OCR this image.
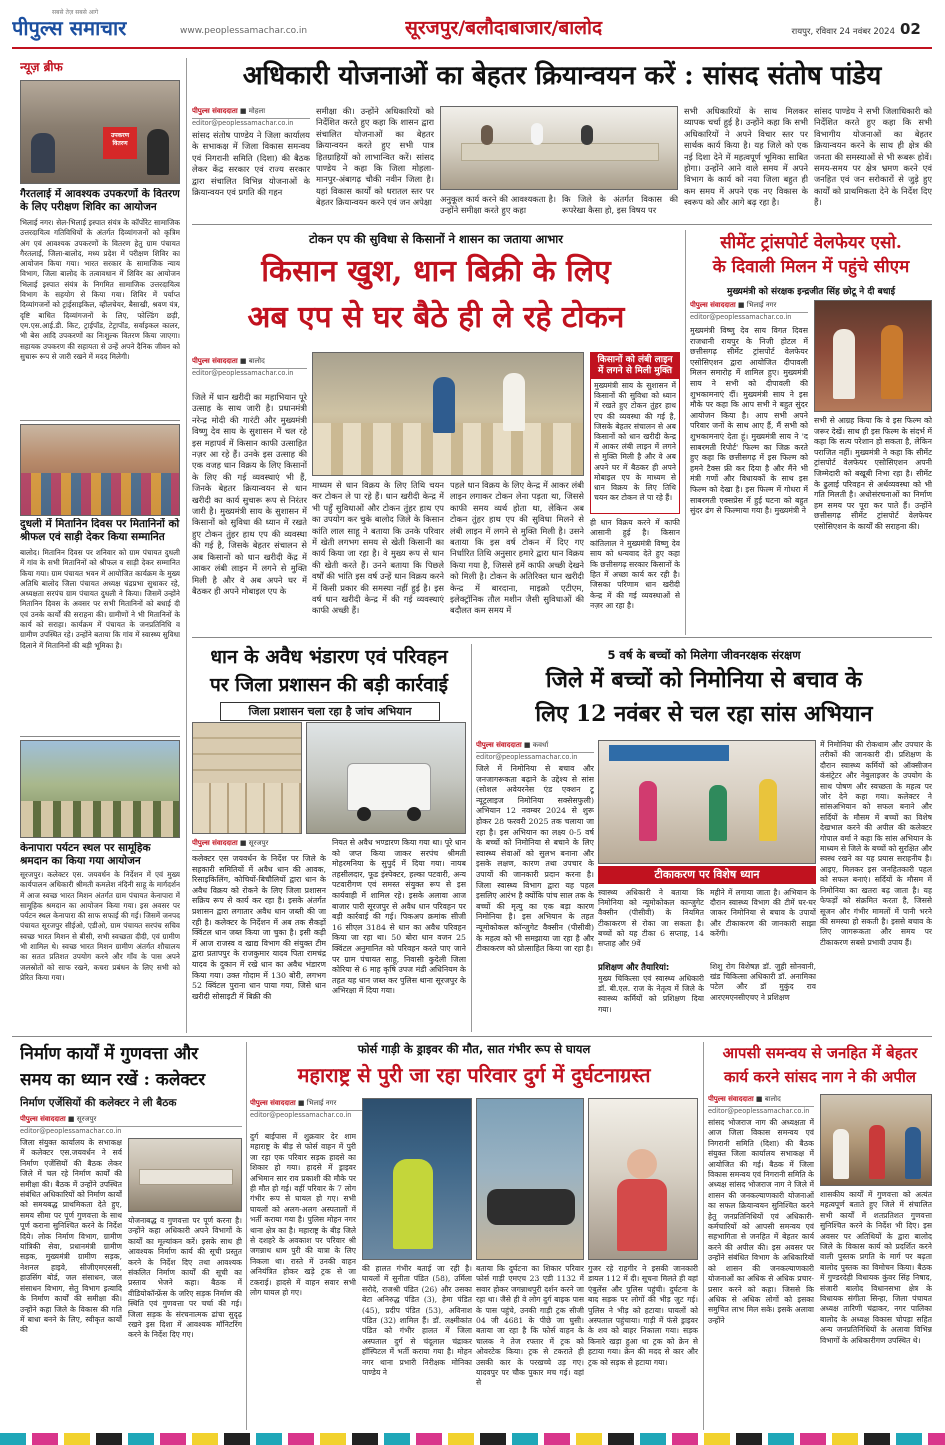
सबसे तेज़ सबसे आगे
पीपुल्स समाचार	www.peoplessamachar.co.in	सूरजपुर/बलौदाबाजार/बालोद	रायपुर, रविवार 24 नवंबर 2024 02
न्यूज़ ब्रीफ
उपकरण वितरण
गैरतलाई में आवश्यक उपकरणों के वितरण के लिए परीक्षण शिविर का आयोजन
भिलाई नगर। सेल-भिलाई इस्पात संयंत्र के कॉर्पोरेट सामाजिक उत्तरदायित्व गतिविधियों के अंतर्गत दिव्यांगजनों को कृत्रिम अंग एवं आवश्यक उपकरणों के वितरण हेतु ग्राम पंचायत गैरतलाई, जिला-बालोद, मध्य प्रदेश में परीक्षण शिविर का आयोजन किया गया। भारत सरकार के सामाजिक न्याय विभाग, जिला बालोद के तत्वावधान में शिविर का आयोजन भिलाई इस्पात संयंत्र के निगमित सामाजिक उत्तरदायित्व विभाग के सहयोग से किया गया। शिविर में पर्याप्त दिव्यांगजनों को ट्राईसाइकिल, व्हीलचेयर, बैसाखी, श्रवण यंत्र, दृष्टि बाधित दिव्यांगजनों के लिए, फोल्डिंग छड़ी, एम.एस.आई.डी. किट, ट्राईपॉड, टेट्रापॉड, सर्वाइकल कालर, भी बेस आदि उपकरणों का निःशुल्क वितरण किया जाएगा। सहायक उपकरण की सहायता से उन्हें अपने दैनिक जीवन को सुचारू रूप से जारी रखने में मदद मिलेगी।
दुधली में मितानिन दिवस पर मितानिनों को श्रीफल एवं साड़ी देकर किया सम्मानित
बालोद। मितानिन दिवस पर शनिवार को ग्राम पंचायत दुधली में गांव के सभी मितानिनों को श्रीफल व साड़ी देकर सम्मानित किया गया। ग्राम पंचायत भवन में आयोजित कार्यक्रम के मुख्य अतिथि बालोद जिला पंचायत अध्यक्ष चंद्रप्रभा सुधाकर रहे, अध्यक्षता सरपंच ग्राम पंचायत दुधली ने किया। जिसमें उन्होंने मितानिन दिवस के अवसर पर सभी मितानिनों को बधाई दी एवं उनके कार्यों की सराहना की। ग्रामीणों ने भी मितानिनों के कार्य को सराहा। कार्यक्रम में पंचायत के जनप्रतिनिधि व ग्रामीण उपस्थित रहे। उन्होंने बताया कि गांव में स्वास्थ्य सुविधा दिलाने में मितानिनों की बड़ी भूमिका है।
केनापारा पर्यटन स्थल पर सामूहिक श्रमदान का किया गया आयोजन
सूरजपुर। कलेक्टर एस. जयवर्धन के निर्देशन में एवं मुख्य कार्यपालन अधिकारी श्रीमती कमलेश नंदिनी साहू के मार्गदर्शन में आज स्वच्छ भारत मिशन अंतर्गत ग्राम पंचायत केनापारा में सामूहिक श्रमदान का आयोजन किया गया। इस अवसर पर पर्यटन स्थल केनापारा की साफ सफाई की गई। जिसमें जनपद पंचायत सूरजपुर सीईओ, एडीओ, ग्राम पंचायत सरपंच सचिव स्वच्छ भारत मिशन से बीसी, सभी स्वच्छता दीदी, एवं ग्रामीण भी शामिल थे। स्वच्छ भारत मिशन ग्रामीण अंतर्गत शौचालय का सतत प्रतिशत उपयोग करने और गाँव के पास अपने जलस्रोतों को साफ रखने, कचरा प्रबंधन के लिए सभी को प्रेरित किया गया।
अधिकारी योजनाओं का बेहतर क्रियान्वयन करें : सांसद संतोष पांडेय
पीपुल्स संवाददाता ■ मोहला
editor@peoplessamachar.co.in
सांसद संतोष पाण्डेय ने जिला कार्यालय के सभाकक्ष में जिला विकास समन्वय एवं निगरानी समिति (दिशा) की बैठक लेकर केंद्र सरकार एवं राज्य सरकार द्वारा संचालित विभिन्न योजनाओं के क्रियान्वयन एवं प्रगति की गहन
समीक्षा की। उन्होंने अधिकारियों को निर्देशित करते हुए कहा कि शासन द्वारा संचालित योजनाओं का बेहतर क्रियान्वयन करते हुए सभी पात्र हितग्राहियों को लाभान्वित करें। सांसद पाण्डेय ने कहा कि जिला मोहला-मानपुर-अंबागढ़ चौकी नवीन जिला है। यहां विकास कार्यों को धरातल स्तर पर बेहतर क्रियान्वयन करने एवं जन अपेक्षा अनुकूल कार्य करने की आवश्यकता है। उन्होंने समीक्षा करते हुए कहा
कि जिले के अंतर्गत विकास की रूपरेखा कैसा हो, इस विषय पर
सभी अधिकारियों के साथ मिलकर व्यापक चर्चा हुई है। उन्होंने कहा कि सभी अधिकारियों ने अपने विचार स्तर पर सार्थक कार्य किया है। यह जिले को एक नई दिशा देने में महत्वपूर्ण भूमिका साबित होगा। उन्होंने आने वाले समय में अपने विभाग के कार्य को नया जिला बहुत ही कम समय में अपने एक नए विकास के स्वरूप को और आगे बढ़ रहा है।
सांसद पाण्डेय ने सभी जिलाधिकारी को निर्देशित करते हुए कहा कि सभी विभागीय योजनाओं का बेहतर क्रियान्वयन करने के साथ ही क्षेत्र की जनता की समस्याओं से भी रूबरू होवें। समय-समय पर क्षेत्र भ्रमण करने एवं जनहित एवं जन सरोकारों से जुड़े हुए कार्यों को प्राथमिकता देने के निर्देश दिए हैं।
टोकन एप की सुविधा से किसानों ने शासन का जताया आभार
किसान खुश, धान बिक्री के लिए
अब एप से घर बैठे ही ले रहे टोकन
पीपुल्स संवाददाता ■ बालोद
editor@peoplessamachar.co.in
जिले में धान खरीदी का महाभियान पूरे उत्साह के साथ जारी है। प्रधानमंत्री नरेन्द्र मोदी की गारंटी और मुख्यमंत्री विष्णु देव साय के सुशासन में चल रहे इस महापर्व में किसान काफी उत्साहित नज़र आ रहे हैं। उनके इस उत्साह की एक वजह धान विक्रय के लिए किसानों के लिए की गई व्यवस्थाएं भी हैं, जिनके बेहतर क्रियान्वयन से धान खरीदी का कार्य सुचारू रूप से निरंतर जारी है। मुख्यमंत्री साय के सुशासन में किसानों को सुविधा की ध्यान में रखते हुए टोकन तुंहर हाथ एप की व्यवस्था की गई है, जिसके बेहतर संचालन से अब किसानों को धान खरीदी केंद्र में आकर लंबी लाइन में लगने से मुक्ति मिली है और वे अब अपने घर में बैठकर ही अपने मोबाइल एप के
माध्यम से धान विक्रय के लिए तिथि चयन कर टोकन ले पा रहे हैं। धान खरीदी केन्द्र में भी पहुँ सुविधाओं और टोकन तुंहर हाथ एप का उपयोग कर चुके बालोद जिले के किसान कांति लाल साहू ने बताया कि उनके परिवार में खेती लगभग समय से खेती किसानी का कार्य किया जा रहा है। वे मुख्य रूप से धान की खेती करते हैं। उनने बताया कि पिछले वर्षों की भांति इस वर्ष उन्हें धान विक्रय करने में किसी प्रकार की समस्या नहीं हुई है। इस वर्ष धान खरीदी केन्द्र में की गई व्यवस्थाएं काफी अच्छी हैं।
पहले धान विक्रय के लिए केन्द्र में आकर लंबी लाइन लगाकर टोकन लेना पड़ता था, जिससे काफी समय व्यर्थ होता था, लेकिन अब टोकन तुंहर हाथ एप की सुविधा मिलने से लंबी लाइन में लगने से मुक्ति मिली है। उसने बताया कि इस वर्ष टोकन में दिए गए निर्धारित तिथि अनुसार हमारे द्वारा धान विक्रय किया गया है, जिससे हमें काफी अच्छी देखने को मिली है। टोकन के अतिरिक्त धान खरीदी केन्द्र में बारदाना, माइक्रो एटीएम, इलेक्ट्रॉनिक तौल मशीन जैसी सुविधाओं की बदौलत कम समय में
किसानों को लंबी लाइन में लगने से मिली मुक्ति
मुख्यमंत्री साय के सुशासन में किसानों की सुविधा को ध्यान में रखते हुए टोकन तुंहर हाथ एप की व्यवस्था की गई है, जिसके बेहतर संचालन से अब किसानों को धान खरीदी केन्द्र में आकर लंबी लाइन में लगने से मुक्ति मिली है और वे अब अपने घर में बैठकर ही अपने मोबाइल एप के माध्यम से धान विक्रय के लिए तिथि चयन कर टोकन ले पा रहे हैं।
ही धान विक्रय करने में काफी आसानी हुई है। किसान कांतिलाल ने मुख्यमंत्री विष्णु देव साय को धन्यवाद देते हुए कहा कि छत्तीसगढ़ सरकार किसानों के हित में अच्छा कार्य कर रही है। जिसका परिणाम धान खरीदी केन्द्र में की गई व्यवस्थाओं से नज़र आ रहा है।
सीमेंट ट्रांसपोर्ट वेलफेयर एसो.
के दिवाली मिलन में पहुंचे सीएम
मुख्यमंत्री को संरक्षक इन्द्रजीत सिंह छोटू ने दी बधाई
पीपुल्स संवाददाता ■ भिलाई नगर
editor@peoplessamachar.co.in
मुख्यमंत्री विष्णु देव साय विगत दिवस राजधानी रायपुर के निजी होटल में छत्तीसगढ़ सीमेंट ट्रांसपोर्ट वेलफेयर एसोसिएशन द्वारा आयोजित दीपावली मिलन समारोह में शामिल हुए। मुख्यमंत्री साय ने सभी को दीपावली की शुभकामनाएं दीं। मुख्यमंत्री साय ने इस मौके पर कहा कि आप सभी ने बहुत सुंदर आयोजन किया है। आप सभी अपने परिवार जनों के साथ आए हैं, मैं सभी को शुभकामनाएं देता हूं। मुख्यमंत्री साय ने 'द साबरमती रिपोर्ट' फिल्म का जिक्र करते हुए कहा कि छत्तीसगढ़ में इस फिल्म को हमने टैक्स फ्री कर दिया है और मैंने भी मंत्री गणों और विधायकों के साथ इस फिल्म को देखा है। इस फिल्म में गोधरा में साबरमती एक्सप्रेस में हुई घटना को बहुत सुंदर ढंग से फिल्माया गया है। मुख्यमंत्री ने
सभी से आग्रह किया कि वे इस फिल्म को जरूर देखें। साथ ही इस फिल्म के संदर्भ में कहा कि सत्य परेशान हो सकता है, लेकिन पराजित नहीं। मुख्यमंत्री ने कहा कि सीमेंट ट्रांसपोर्ट वेलफेयर एसोसिएशन अपनी जिम्मेदारी को बखूबी निभा रहा है। सीमेंट के ढुलाई परिवहन से अर्थव्यवस्था को भी गति मिलती है। अधोसंरचनाओं का निर्माण हम समय पर पूरा कर पाते हैं। उन्होंने छत्तीसगढ़ सीमेंट ट्रांसपोर्ट वेलफेयर एसोसिएशन के कार्यों की सराहना की।
धान के अवैध भंडारण एवं परिवहन
पर जिला प्रशासन की बड़ी कार्रवाई
जिला प्रशासन चला रहा है जांच अभियान
पीपुल्स संवाददाता ■ सूरजपुर
कलेक्टर एस जयवर्धन के निर्देश पर जिले के सहकारी समितियों में अवैध धान की आवक, रिसाइकिलिंग, कोचियों-बिचौलियों द्वारा धान के अवैध विक्रय को रोकने के लिए जिला प्रशासन सक्रिय रूप से कार्य कर रहा है। इसके अंतर्गत प्रशासन द्वारा लगातार अवैध धान जब्ती की जा रही है। कलेक्टर के निर्देशन में अब तक सैकड़ों क्विंटल धान जब्त किया जा चुका है। इसी कड़ी में आज राजस्व व खाद्य विभाग की संयुक्त टीम द्वारा प्रतापपुर के राजकुमार यादव पिता रामचंद्र यादव के दुकान में रखे धान का अवैध भंडारण किया गया। उक्त गोदाम में 130 बोरी, लगभग 52 क्विंटल पुराना धान पाया गया, जिसे धान खरीदी सोसाइटी में बिक्री की
नियत से अवैध भण्डारण किया गया था। पूरे धान को जप्त किया जाकर सरपंच श्रीमती मोहरमनिया के सुपुर्द में दिया गया। नायब तहसीलदार, फूड इंस्पेक्टर, हल्का पटवारी, अन्य पटवारीगण एवं समस्त संयुक्त रूप से इस कार्यवाही में शामिल रहे। इसके अलावा आज बाजार पारी सूरजपुर से अवैध धान परिवहन पर बड़ी कार्रवाई की गई। पिकअप क्रमांक सीजी 16 सीएल 3184 से धान का अवैध परिवहन किया जा रहा था। 50 बोरा धान वजन 25 क्विंटल अनुमानित को परिवहन करते पाए जाने पर ग्राम पंचायत साहू, निवासी कुदेली जिला कोरिया से 6 माह कृषि उपज मंडी अधिनियम के तहत यह धान जब्त कर पुलिस थाना सूरजपुर के अभिरक्षा में दिया गया।
5 वर्ष के बच्चों को मिलेगा जीवनरक्षक संरक्षण
जिले में बच्चों को निमोनिया से बचाव के
लिए 12 नवंबर से चल रहा सांस अभियान
पीपुल्स संवाददाता ■ कवर्धा
editor@peoplessamachar.co.in
जिले में निमोनिया से बचाव और जनजागरूकता बढ़ाने के उद्देश्य से सांस (सोशल अवेयरनेस एंड एक्शन टू न्यूट्रलाइज निमोनिया सक्सेसफुली) अभियान 12 नवम्बर 2024 से शुरू होकर 28 फरवरी 2025 तक चलाया जा रहा है। इस अभियान का लक्ष्य 0-5 वर्ष के बच्चों को निमोनिया से बचाने के लिए स्वास्थ्य सेवाओं को सुलभ बनाना और इसके लक्षण, कारण तथा उपचार के उपायों की जानकारी प्रदान करना है। जिला स्वास्थ्य विभाग द्वारा यह पहल इसलिए आरंभ है क्योंकि पांच साल तक के बच्चों की मृत्यु का एक बड़ा कारण निमोनिया है। इस अभियान के तहत न्यूमोकोकल कॉन्जुगेट वैक्सीन (पीसीवी) के महत्व को भी समझाया जा रहा है और टीकाकरण को प्रोत्साहित किया जा रहा है।
टीकाकरण पर विशेष ध्यान
स्वास्थ्य अधिकारी ने बताया कि निमोनिया को न्यूमोकोकल कान्जुगेट वैक्सीन (पीसीवी) के नियमित टीकाकरण से रोका जा सकता है। बच्चों को यह टीका 6 सप्ताह, 14 सप्ताह और 9वें
महीने में लगाया जाता है। अभियान के दौरान स्वास्थ्य विभाग की टीमें घर-घर जाकर निमोनिया से बचाव के उपायों और टीकाकरण की जानकारी साझा करेंगी।
प्रशिक्षण और तैयारियां:
मुख्य चिकित्सा एवं स्वास्थ्य अधिकारी डॉ. बी.एल. राज के नेतृत्व में जिले के स्वास्थ्य कर्मियों को प्रशिक्षण दिया गया।
शिशु रोग विशेषज्ञ डॉ. जुही सोनवानी, खंड चिकित्सा अधिकारी डॉ. अनामिका पटेल और डॉ मुकुंद राव आरएमएनसीएचए ने प्रशिक्षण
में निमोनिया की रोकथाम और उपचार के तरीकों की जानकारी दी। प्रशिक्षण के दौरान स्वास्थ्य कर्मियों को ऑक्सीजन कंसंट्रेटर और नेबुलाइजर के उपयोग के साथ पोषण और स्वच्छता के महत्व पर जोर देने कहा गया। कलेक्टर ने सांसअभियान को सफल बनाने और सर्दियों के मौसम में बच्चों का विशेष देखभाल करने की अपील की कलेक्टर गोपाल वर्मा ने कहा कि सांस अभियान के माध्यम से जिले के बच्चों को सुरक्षित और स्वस्थ रखने का यह प्रयास सराहनीय है। आइए, मिलकर इस जनहितकारी पहल को सफल बनाएं। सर्दियों के मौसम में निमोनिया का खतरा बढ़ जाता है। यह फेफड़ों को संक्रमित करता है, जिससे सूजन और गंभीर मामलों में पानी भरने की समस्या हो सकती है। इससे बचाव के लिए जागरूकता और समय पर टीकाकरण सबसे प्रभावी उपाय हैं।
निर्माण कार्यों में गुणवत्ता और
समय का ध्यान रखें : कलेक्टर
निर्माण एजेंसियों की कलेक्टर ने ली बैठक
पीपुल्स संवाददाता ■ सूरजपुर
editor@peoplessamachar.co.in
जिला संयुक्त कार्यालय के सभाकक्ष में कलेक्टर एस.जयवर्धन ने सर्व निर्माण एजेंसियों की बैठक लेकर जिले में चल रहे निर्माण कार्यों की समीक्षा की। बैठक में उन्होंने उपस्थित संबंधित अधिकारियों को निर्माण कार्यों को समयबद्ध प्राथमिकता देते हुए, समय सीमा पर पूर्ण गुणवत्ता के साथ पूर्ण कराना सुनिश्चित करने के निर्देश दिये। लोक निर्माण विभाग, ग्रामीण यांत्रिकी सेवा, प्रधानमंत्री ग्रामीण सड़क, मुख्यमंत्री ग्रामीण सड़क, नेशनल हाइवे, सीजीएमएससी, हाउसिंग बोर्ड, जल संसाधन, जल संसाधन विभाग, सेतु विभाग इत्यादि के निर्माण कार्यों की समीक्षा की। उन्होंने कहा जिले के विकास की गति में बाधा बनने के लिए, स्वीकृत कार्यों की
योजनाबद्ध व गुणवत्ता पर पूर्ण करना है। उन्होंने कहा अधिकारी अपने विभागों के कार्यों का मूल्यांकन करें। इसके साथ ही आवश्यक निर्माण कार्य की सूची प्रस्तुत करने के निर्देश दिए तथा आवश्यक संकलित निर्माण कार्यों की सूची का प्रस्ताव भेजने कहा। बैठक में वीडियोकॉन्फ्रेंस के जरिए सड़क निर्माण की स्थिति एवं गुणवत्ता पर चर्चा की गई। जिला सड़क के संरचनात्मक ढांचा सुदृढ़ रखने इस दिशा में आवश्यक मॉनिटरिंग करने के निर्देश दिए गए।
फोर्स गाड़ी के ड्राइवर की मौत, सात गंभीर रूप से घायल
महाराष्ट्र से पुरी जा रहा परिवार दुर्ग में दुर्घटनाग्रस्त
पीपुल्स संवाददाता ■ भिलाई नगर
editor@peoplessamachar.co.in
दुर्ग बाईपास में शुक्रवार देर शाम महाराष्ट्र के बीड़ से फोर्स वाहन में पुरी जा रहा एक परिवार सड़क हादसे का शिकार हो गया। हादसे में ड्राइवर अभिमान सार राव प्रकाशी की मौके पर ही मौत हो गई। वहीं परिवार के 7 लोग गंभीर रूप से घायल हो गए। सभी घायलों को अलग-अलग अस्पतालों में भर्ती कराया गया है। पुलिस मोहन नगर थाना क्षेत्र का है। महाराष्ट्र के बीड़ जिले से दशहरे के अवकाश पर परिवार श्री जगन्नाथ धाम पुरी की यात्रा के लिए निकला था। रास्ते में उनकी वाहन अनियंत्रित होकर खड़े ट्रक से जा टकराई। हादसे में वाहन सवार सभी लोग घायल हो गए।
की हालत गंभीर बताई जा रही है। घायलों में सुनीता पंडित (58), उर्मिला सरोदे, राजश्री पंडित (26) और उसका बेटा अनिरुद्ध पंडित (3), हेमा पंडित (45), प्रदीप पंडित (53), अविनाश पंडित (32) शामिल हैं। डॉ. लक्ष्मीकांत पंडित को गंभीर हालत में जिला अस्पताल दुर्ग से चंदूलाल चंद्राकर हॉस्पिटल में भर्ती कराया गया है। मोहन नगर थाना प्रभारी निरीक्षक मोनिका पाण्डेय ने
बताया कि दुर्घटना का शिकार परिवार फोर्स गाड़ी एमएच 23 एडी 1132 में सवार होकर जगन्नाथपुरी दर्शन करने जा रहा था। जैसे ही वे लोग दुर्ग बाइक पास के पास पहुंचे, उनकी गाड़ी ट्रक सीजी 04 जी 4681 के पीछे जा घुसी। बताया जा रहा है कि फोर्स वाहन के चालक ने तेज रफ्तार में ट्रक को ओवरटेक किया। ट्रक से टकराते ही उसकी कार के परखच्चे उड़ गए। यादवपुर पर चौक पुकार मच गई। वहां से
गुजर रहे राहगीर ने इसकी जानकारी डायल 112 में दी। सूचना मिलते ही वहां एंबुलेंस और पुलिस पहुंची। दुर्घटना के बाद सड़क पर लोगों की भीड़ जुट गई। पुलिस ने भीड़ को हटाया। घायलों को अस्पताल पहुंचाया। गाड़ी में फंसे ड्राइवर के शव को बाहर निकाला गया। सड़क किनारे खड़ा हुआ था ट्रक को क्रेन से हटाया गया। क्रेन की मदद से कार और ट्रक को सड़क से हटाया गया।
आपसी समन्वय से जनहित में बेहतर
कार्य करने सांसद नाग ने की अपील
पीपुल्स संवाददाता ■ बालोद
editor@peoplessamachar.co.in
सांसद भोजराज नाग की अध्यक्षता में आज जिला विकास समन्वय एवं निगरानी समिति (दिशा) की बैठक संयुक्त जिला कार्यालय सभाकक्ष में आयोजित की गई। बैठक में जिला विकास समन्वय एवं निगरानी समिति के अध्यक्ष सांसद भोजराज नाग ने जिले में शासन की जनकल्याणकारी योजनाओं का सफल क्रियान्वयन सुनिश्चित करने हेतु जनप्रतिनिधियों एवं अधिकारी-कर्मचारियों को आपसी समन्वय एवं सहभागिता से जनहित में बेहतर कार्य करने की अपील की। इस अवसर पर उन्होंने संबंधित विभाग के अधिकारियों को शासन की जनकल्याणकारी योजनाओं का अधिक से अधिक प्रचार-प्रसार करने को कहा। जिससे कि अधिक से अधिक लोगों को इसका समुचित लाभ मिल सके। इसके अलावा उन्होंने
शासकीय कार्यों में गुणवत्ता को अत्यंत महत्वपूर्ण बताते हुए जिले में संचालित सभी कार्यों में शतप्रतिशत गुणवत्ता सुनिश्चित करने के निर्देश भी दिए। इस अवसर पर अतिथियों के द्वारा बालोद जिले के विकास कार्य को प्रदर्शित करने वाली पुस्तक प्रगति के मार्ग पर बढ़ता बालोद पुस्तक का विमोचन किया। बैठक में गुण्डरदेही विधायक कुंवर सिंह निषाद, संजारी बालोद विधानसभा क्षेत्र के विधायक संगीता सिन्हा, जिला पंचायत अध्यक्ष तारिणी चंद्राकर, नगर पालिका बालोद के अध्यक्ष विकास चोपड़ा सहित अन्य जनप्रतिनिधियों के अलावा विभिन्न विभागों के अधिकारीगण उपस्थित थे।
